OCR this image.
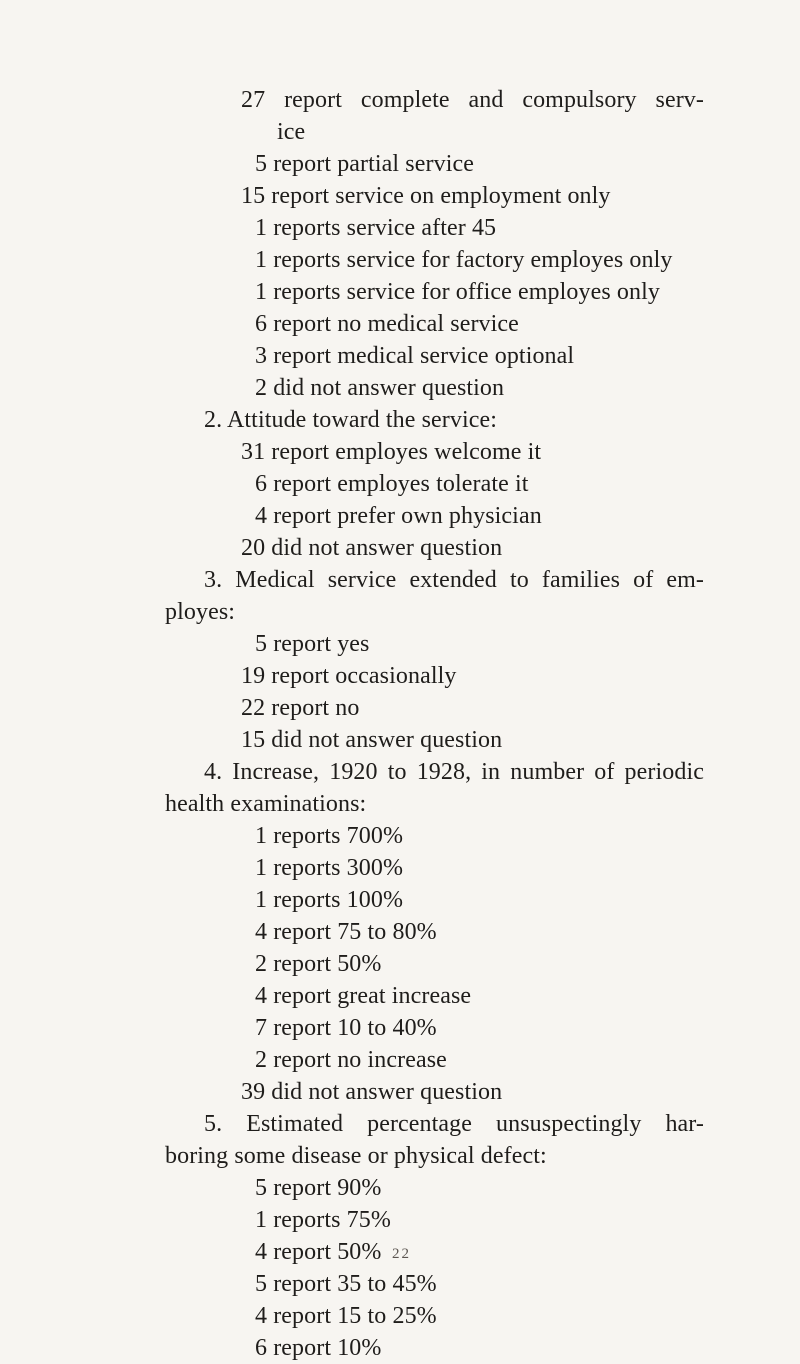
27 report complete and compulsory serv-
ice
5 report partial service
15 report service on employment only
1 reports service after 45
1 reports service for factory employes only
1 reports service for office employes only
6 report no medical service
3 report medical service optional
2 did not answer question
2. Attitude toward the service:
31 report employes welcome it
6 report employes tolerate it
4 report prefer own physician
20 did not answer question
3. Medical service extended to families of em-
ployes:
5 report yes
19 report occasionally
22 report no
15 did not answer question
4. Increase, 1920 to 1928, in number of periodic
health examinations:
1 reports 700%
1 reports 300%
1 reports 100%
4 report 75 to 80%
2 report 50%
4 report great increase
7 report 10 to 40%
2 report no increase
39 did not answer question
5. Estimated percentage unsuspectingly har-
boring some disease or physical defect:
5 report 90%
1 reports 75%
4 report 50%
5 report 35 to 45%
4 report 15 to 25%
6 report 10%
22
